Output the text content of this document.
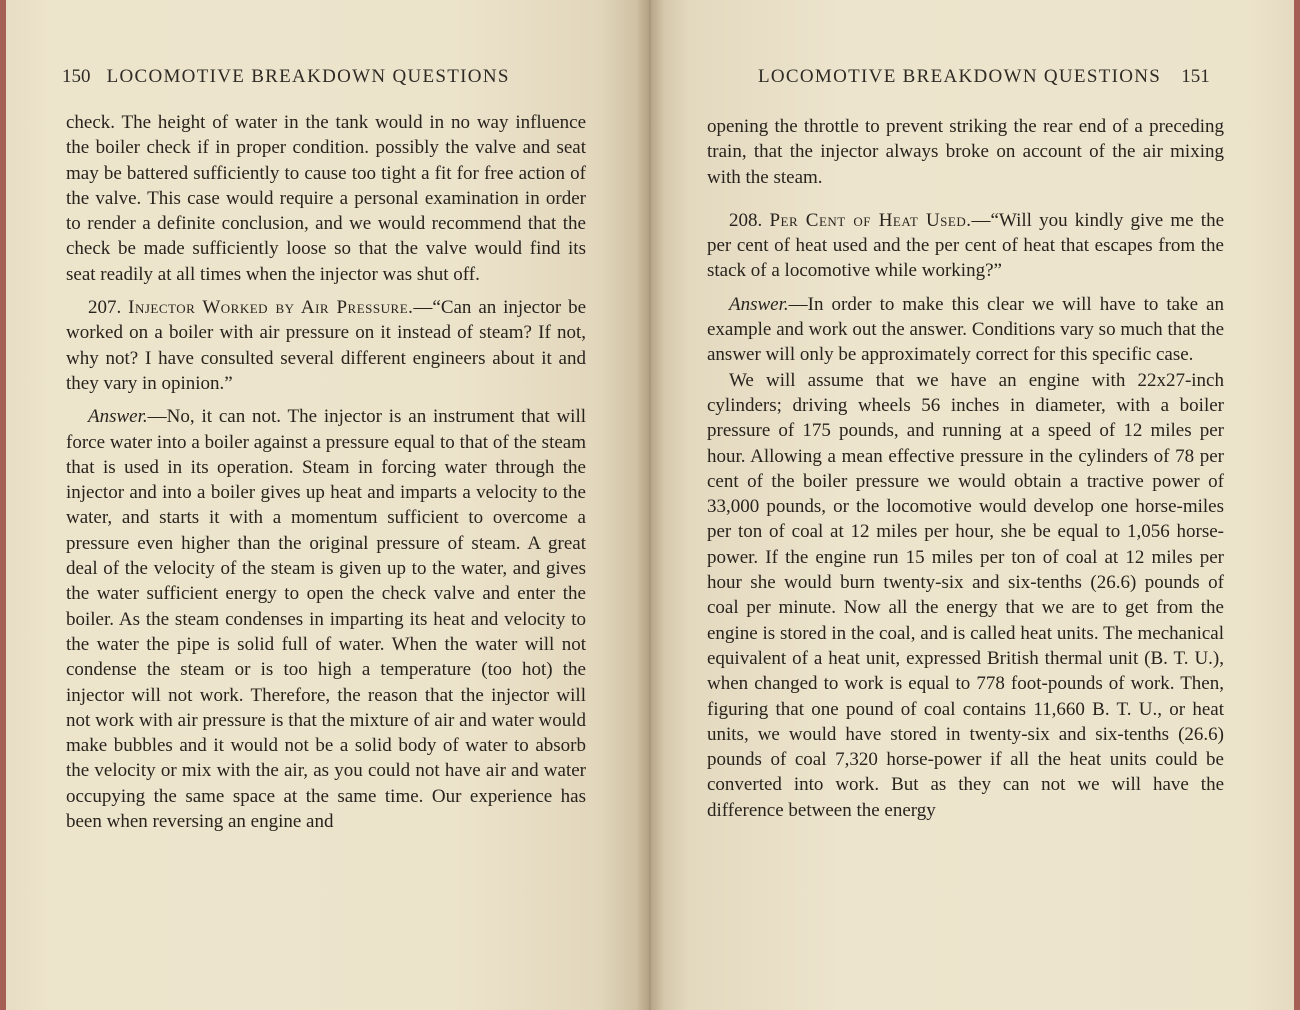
150 LOCOMOTIVE BREAKDOWN QUESTIONS

check. The height of water in the tank would in no way influence the boiler check if in proper condition. possibly the valve and seat may be battered sufficiently to cause too tight a fit for free action of the valve. This case would require a personal examination in order to render a definite conclusion, and we would recommend that the check be made sufficiently loose so that the valve would find its seat readily at all times when the injector was shut off.

207. Injector Worked by Air Pressure.—“Can an injector be worked on a boiler with air pressure on it instead of steam? If not, why not? I have consulted several different engineers about it and they vary in opinion.”

Answer.—No, it can not. The injector is an instrument that will force water into a boiler against a pressure equal to that of the steam that is used in its operation. Steam in forcing water through the injector and into a boiler gives up heat and imparts a velocity to the water, and starts it with a momentum sufficient to overcome a pressure even higher than the original pressure of steam. A great deal of the velocity of the steam is given up to the water, and gives the water sufficient energy to open the check valve and enter the boiler. As the steam condenses in imparting its heat and velocity to the water the pipe is solid full of water. When the water will not condense the steam or is too high a temperature (too hot) the injector will not work. Therefore, the reason that the injector will not work with air pressure is that the mixture of air and water would make bubbles and it would not be a solid body of water to absorb the velocity or mix with the air, as you could not have air and water occupying the same space at the same time. Our experience has been when reversing an engine and

LOCOMOTIVE BREAKDOWN QUESTIONS 151

opening the throttle to prevent striking the rear end of a preceding train, that the injector always broke on account of the air mixing with the steam.

208. Per Cent of Heat Used.—“Will you kindly give me the per cent of heat used and the per cent of heat that escapes from the stack of a locomotive while working?”

Answer.—In order to make this clear we will have to take an example and work out the answer. Conditions vary so much that the answer will only be approximately correct for this specific case.

We will assume that we have an engine with 22x27-inch cylinders; driving wheels 56 inches in diameter, with a boiler pressure of 175 pounds, and running at a speed of 12 miles per hour. Allowing a mean effective pressure in the cylinders of 78 per cent of the boiler pressure we would obtain a tractive power of 33,000 pounds, or the locomotive would develop one horse-miles per ton of coal at 12 miles per hour, she be equal to 1,056 horse-power. If the engine run 15 miles per ton of coal at 12 miles per hour she would burn twenty-six and six-tenths (26.6) pounds of coal per minute. Now all the energy that we are to get from the engine is stored in the coal, and is called heat units. The mechanical equivalent of a heat unit, expressed British thermal unit (B. T. U.), when changed to work is equal to 778 foot-pounds of work. Then, figuring that one pound of coal contains 11,660 B. T. U., or heat units, we would have stored in twenty-six and six-tenths (26.6) pounds of coal 7,320 horse-power if all the heat units could be converted into work. But as they can not we will have the difference between the energy
